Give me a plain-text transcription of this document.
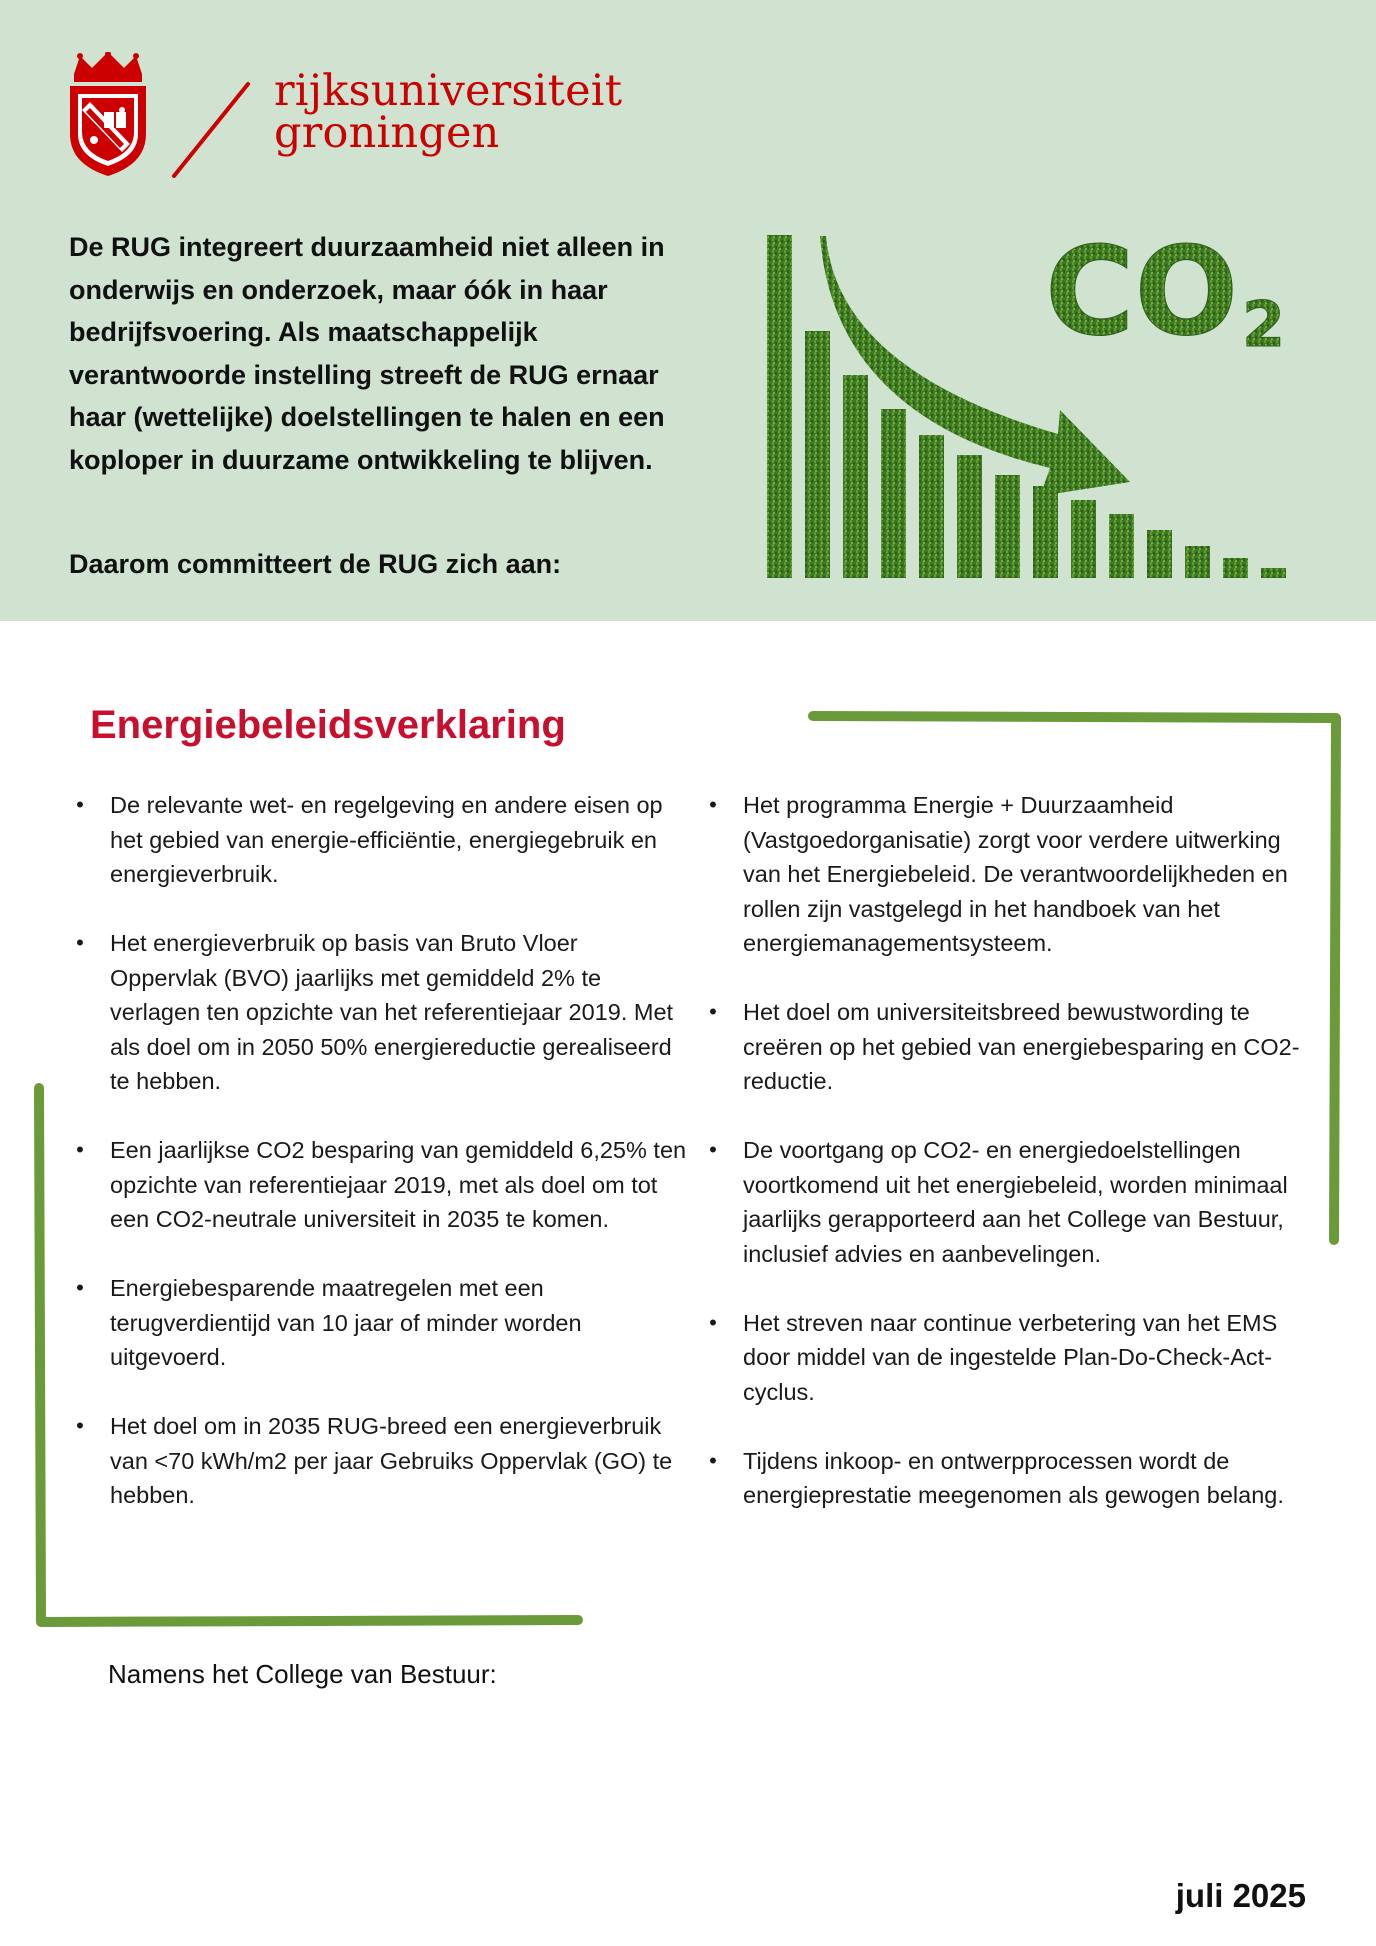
rijksuniversiteit
groningen
De RUG integreert duurzaamheid niet alleen in onderwijs en onderzoek, maar óók in haar bedrijfsvoering. Als maatschappelijk verantwoorde instelling streeft de RUG ernaar haar (wettelijke) doelstellingen te halen en een koploper in duurzame ontwikkeling te blijven.
Daarom committeert de RUG zich aan:
CO 2
Energiebeleidsverklaring
• De relevante wet- en regelgeving en andere eisen op het gebied van energie-efficiëntie, energiegebruik en energieverbruik.
• Het energieverbruik op basis van Bruto Vloer Oppervlak (BVO) jaarlijks met gemiddeld 2% te verlagen ten opzichte van het referentiejaar 2019. Met als doel om in 2050 50% energiereductie gerealiseerd te hebben.
• Een jaarlijkse CO2 besparing van gemiddeld 6,25% ten opzichte van referentiejaar 2019, met als doel om tot een CO2-neutrale universiteit in 2035 te komen.
• Energiebesparende maatregelen met een terugverdientijd van 10 jaar of minder worden uitgevoerd.
• Het doel om in 2035 RUG-breed een energieverbruik van <70 kWh/m2 per jaar Gebruiks Oppervlak (GO) te hebben.
• Het programma Energie + Duurzaamheid (Vastgoedorganisatie) zorgt voor verdere uitwerking van het Energiebeleid. De verantwoordelijkheden en rollen zijn vastgelegd in het handboek van het energiemanagementsysteem.
• Het doel om universiteitsbreed bewustwording te creëren op het gebied van energiebesparing en CO2-reductie.
• De voortgang op CO2- en energiedoelstellingen voortkomend uit het energiebeleid, worden minimaal jaarlijks gerapporteerd aan het College van Bestuur, inclusief advies en aanbevelingen.
• Het streven naar continue verbetering van het EMS door middel van de ingestelde Plan-Do-Check-Act-cyclus.
• Tijdens inkoop- en ontwerpprocessen wordt de energieprestatie meegenomen als gewogen belang.
Namens het College van Bestuur:
juli 2025
